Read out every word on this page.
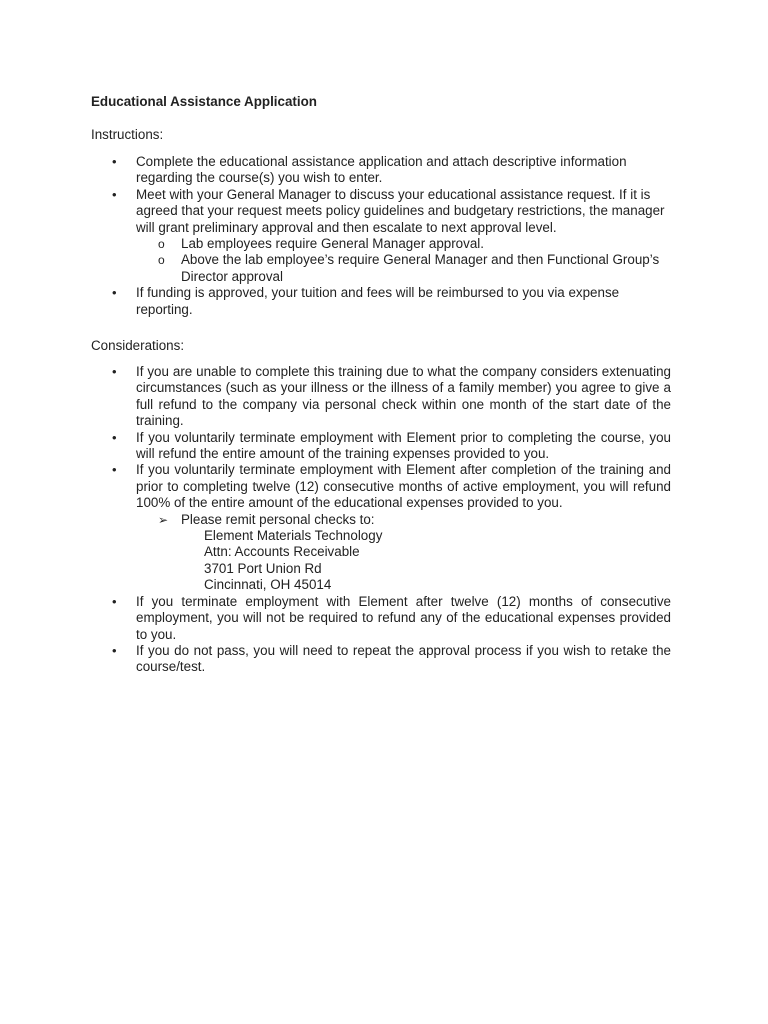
Educational Assistance Application
Instructions:
• Complete the educational assistance application and attach descriptive information regarding the course(s) you wish to enter.
• Meet with your General Manager to discuss your educational assistance request. If it is agreed that your request meets policy guidelines and budgetary restrictions, the manager will grant preliminary approval and then escalate to next approval level.
o Lab employees require General Manager approval.
o Above the lab employee’s require General Manager and then Functional Group’s Director approval
• If funding is approved, your tuition and fees will be reimbursed to you via expense reporting.
Considerations:
• If you are unable to complete this training due to what the company considers extenuating circumstances (such as your illness or the illness of a family member) you agree to give a full refund to the company via personal check within one month of the start date of the training.
• If you voluntarily terminate employment with Element prior to completing the course, you will refund the entire amount of the training expenses provided to you.
• If you voluntarily terminate employment with Element after completion of the training and prior to completing twelve (12) consecutive months of active employment, you will refund 100% of the entire amount of the educational expenses provided to you.
➢ Please remit personal checks to:
Element Materials Technology
Attn: Accounts Receivable
3701 Port Union Rd
Cincinnati, OH 45014
• If you terminate employment with Element after twelve (12) months of consecutive employment, you will not be required to refund any of the educational expenses provided to you.
• If you do not pass, you will need to repeat the approval process if you wish to retake the course/test.
